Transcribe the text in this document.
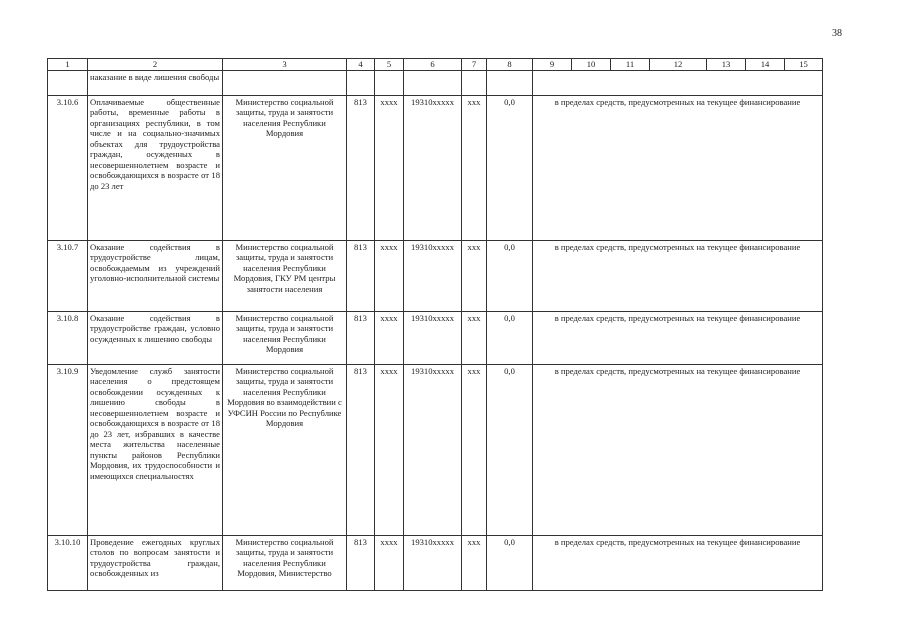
38
1	2	3	4	5	6	7	8	9	10	11	12	13	14	15
	наказание в виде лишения свободы													
3.10.6	Оплачиваемые общественные работы, временные работы в организациях республики, в том числе и на социально-значимых объектах для трудоустройства граждан, осужденных в несовершеннолетнем возрасте и освобождающихся в возрасте от 18 до 23 лет	Министерство социальной защиты, труда и занятости населения Республики Мордовия	813	хххх	19310ххххх	ххх	0,0	в пределах средств, предусмотренных на текущее финансирование						
3.10.7	Оказание содействия в трудоустройстве лицам, освобождаемым из учреждений уголовно-исполнительной системы	Министерство социальной защиты, труда и занятости населения Республики Мордовия, ГКУ РМ центры занятости населения	813	хххх	19310ххххх	ххх	0,0	в пределах средств, предусмотренных на текущее финансирование						
3.10.8	Оказание содействия в трудоустройстве граждан, условно осужденных к лишению свободы	Министерство социальной защиты, труда и занятости населения Республики Мордовия	813	хххх	19310ххххх	ххх	0,0	в пределах средств, предусмотренных на текущее финансирование						
3.10.9	Уведомление служб занятости населения о предстоящем освобождении осужденных к лишению свободы в несовершеннолетнем возрасте и освобождающихся в возрасте от 18 до 23 лет, избравших в качестве места жительства населенные пункты районов Республики Мордовия, их трудоспособности и имеющихся специальностях	Министерство социальной защиты, труда и занятости населения Республики Мордовия во взаимодействии с УФСИН России по Республике Мордовия	813	хххх	19310ххххх	ххх	0,0	в пределах средств, предусмотренных на текущее финансирование						
3.10.10	Проведение ежегодных круглых столов по вопросам занятости и трудоустройства граждан, освобожденных из	Министерство социальной защиты, труда и занятости населения Республики Мордовия, Министерство	813	хххх	19310ххххх	ххх	0,0	в пределах средств, предусмотренных на текущее финансирование						
